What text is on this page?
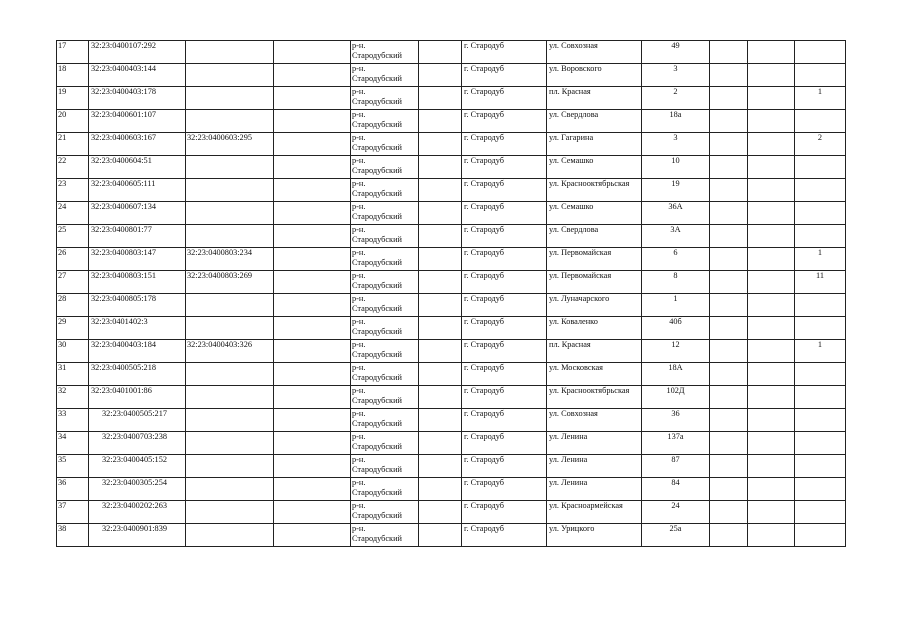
17	32:23:0400107:292			р-н.
Стародубский		г. Стародуб	ул. Совхозная	49			
18	32:23:0400403:144			р-н.
Стародубский		г. Стародуб	ул. Воровского	3			
19	32:23:0400403:178			р-н.
Стародубский		г. Стародуб	пл. Красная	2			1
20	32:23:0400601:107			р-н.
Стародубский		г. Стародуб	ул. Свердлова	18а			
21	32:23:0400603:167	32:23:0400603:295		р-н.
Стародубский		г. Стародуб	ул. Гагарина	3			2
22	32:23:0400604:51			р-н.
Стародубский		г. Стародуб	ул. Семашко	10			
23	32:23:0400605:111			р-н.
Стародубский		г. Стародуб	ул. Краснооктябрьская	19			
24	32:23:0400607:134			р-н.
Стародубский		г. Стародуб	ул. Семашко	36А			
25	32:23:0400801:77			р-н.
Стародубский		г. Стародуб	ул. Свердлова	3А			
26	32:23:0400803:147	32:23:0400803:234		р-н.
Стародубский		г. Стародуб	ул. Первомайская	6			1
27	32:23:0400803:151	32:23:0400803:269		р-н.
Стародубский		г. Стародуб	ул. Первомайская	8			11
28	32:23:0400805:178			р-н.
Стародубский		г. Стародуб	ул. Луначарского	1			
29	32:23:0401402:3			р-н.
Стародубский		г. Стародуб	ул. Коваленко	40б			
30	32:23:0400403:184	32:23:0400403:326		р-н.
Стародубский		г. Стародуб	пл. Красная	12			1
31	32:23:0400505:218			р-н.
Стародубский		г. Стародуб	ул. Московская	18А			
32	32:23:0401001:86			р-н.
Стародубский		г. Стародуб	ул. Краснооктябрьская	102Д			
33	32:23:0400505:217			р-н.
Стародубский		г. Стародуб	ул. Совхозная	36			
34	32:23:0400703:238			р-н.
Стародубский		г. Стародуб	ул. Ленина	137а			
35	32:23:0400405:152			р-н.
Стародубский		г. Стародуб	ул. Ленина	87			
36	32:23:0400305:254			р-н.
Стародубский		г. Стародуб	ул. Ленина	84			
37	32:23:0400202:263			р-н.
Стародубский		г. Стародуб	ул. Красноармейская	24			
38	32:23:0400901:839			р-н.
Стародубский		г. Стародуб	ул. Урицкого	25а			
